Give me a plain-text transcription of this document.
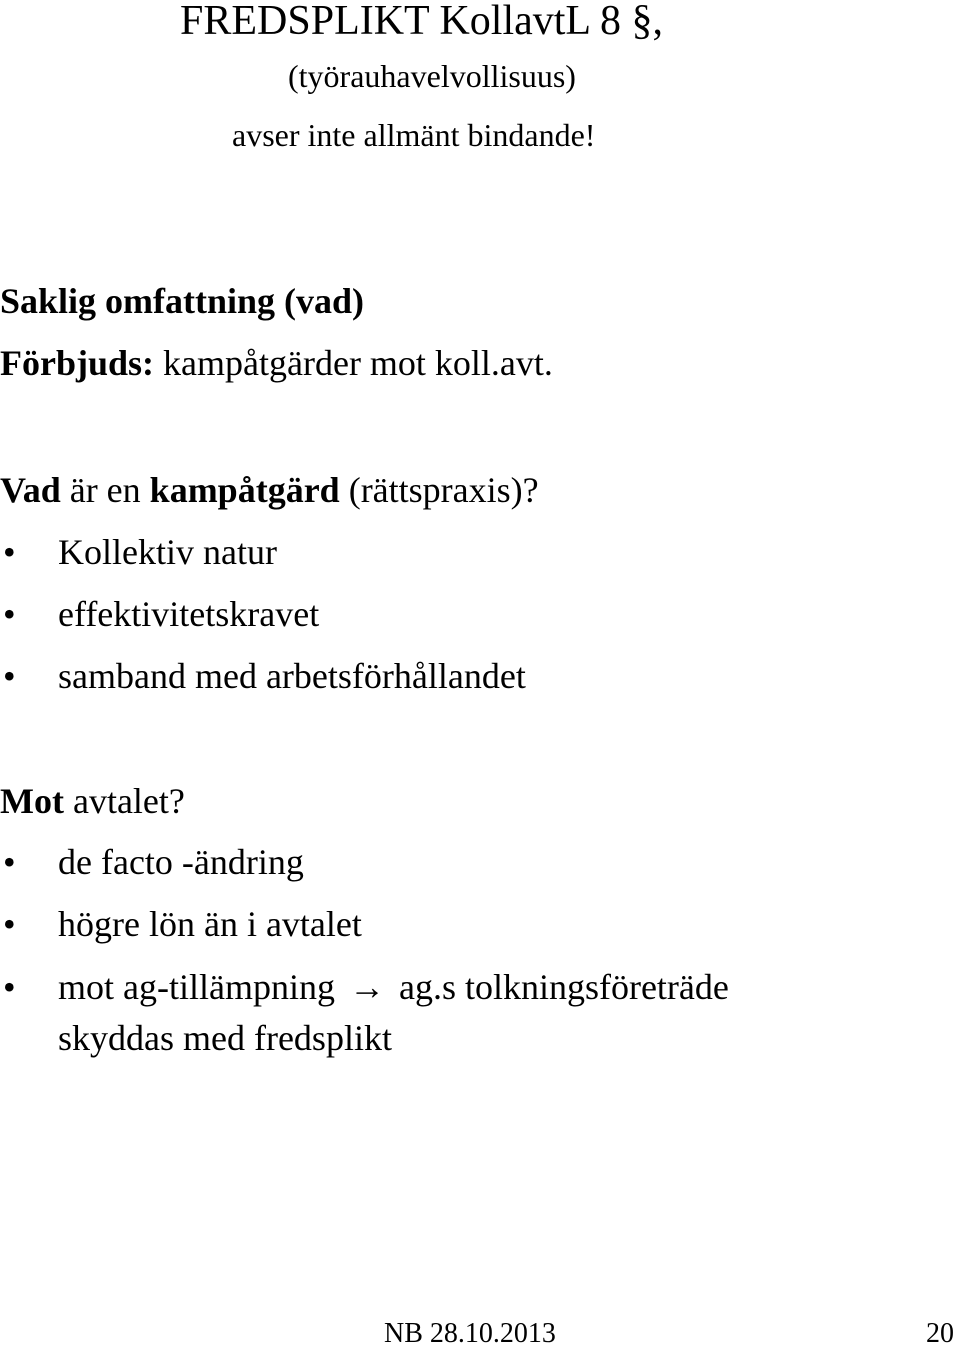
FREDSPLIKT KollavtL 8 §,
(työrauhavelvollisuus)
avser inte allmänt bindande!
Saklig omfattning (vad)
Förbjuds: kampåtgärder mot koll.avt.
Vad är en kampåtgärd (rättspraxis)?
• Kollektiv natur
• effektivitetskravet
• samband med arbetsförhållandet
Mot avtalet?
• de facto -ändring
• högre lön än i avtalet
• mot ag-tillämpning → ag.s tolkningsföreträde
skyddas med fredsplikt
NB 28.10.2013	20
